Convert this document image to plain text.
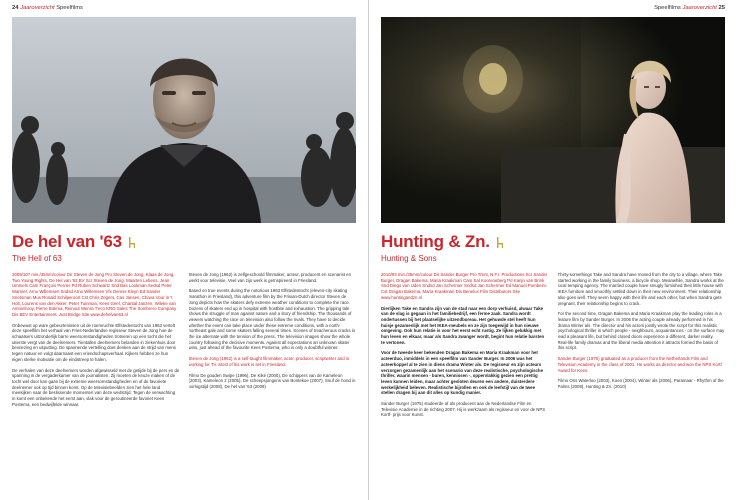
24 Jaaroverzicht Speelfilms
De hel van '63
The Hell of 63

2009/107 min./35mm/colour Dir Steven de Jong Pro Steven de Jong, Klaas de Jong, Two Young Rights, De Hel van '63 BV Scr Steven de Jong, Maarten Lebens, Jean Ummels Cam François Perrier Pd Ruben Schwartz Snd Bas Lookman Sedsd Peter Warnier, Arno Willemsen Sndsd Arno Willemsen Vfx Dennis Kleyn Ed Sander Snetsman Mus Ronald Schilperoort Cst Chris Zegers, Cas Jansen, Chava Voor in 't Holt, Lourens van den Akker, Peter Tuinman, Kees Geel, Chantal Janzen, Wileke van Ammelrooy, Pierre Bokma, Reinout Wenra TVco KRO Sales The Sombrero Company Dis BEV Entertainment, Just Bridge Site www.dehelvan63.nl

Onbewust op ware gebeurtenissen uit de roemruchte Elfstedentocht van 1963 vertelt deze speelfilm het verhaal van Fries-Nederlandse regisseur Steven de Jong hoe de schaatsers uitzonderlijk barre weersomstandigheden trotseren op een tocht die het uiterste vergt van de deelnemers. Tientallen deelnemers belanden in ziekenhuis door bevriezing en uitputting. De spannende vertelling doet denken aan de strijd van mens tegen natuur en volgt daarnaast een vriendschapsverhaal. Kijkers hebben ze hun eigen sterke motivatie om de eindstreep te halen.

De verhalen van deze deelnemers worden afgewisseld met de getijde bij de pers en de spanning in de vergaderkamer van de journalisten. Zij moeten de keuze maken of de tocht wel door kan gaan bij de extreme weersomstandigheden en of de favoriete deelnemer ook op tijd binnen komt. Op de televisiebeelden zien het hele land meekijken naar de beslissende momenten van deze wedstrijd. Tegen de verwachting in komt een onbekende het eerst aan, vlak voor de geroutineerde favoriet Kees Posterna, een bedwijfelde winnaar.

Steven de Jong (1962) is zelfgeschoold filmmaker, acteur, producent en scenarist en werkt voor televisie. Veel van zijn werk is geïnspireerd in Friesland.

Based on true events during the notorious 1963 Elfstedentocht (eleven-city skating marathon in Friesland), this adventure film by the Frisian-Dutch director Steven de Jong depicts how the skaters defy extreme weather conditions to complete the race. Dozens of skaters end up in hospital with frostbite and exhaustion. The gripping tale shows the struggle of man against nature and a story of friendship. The thousands of viewers watching the race on television also follow the rivals. They have to decide whether the event can take place under these extreme conditions, with a north-northeast gale and some skaters falling several times. Scenes of treacherous cracks in the ice alternate with the tension of the press. The television images show the whole country following the decisive moments. Against all expectations an unknown skater wins, just ahead of the favourite Kees Posterna, who is only a doubtful winner.

Steven de Jong (1962) is a self-taught filmmaker, actor, producer, scriptwriter and is working for TV. Most of his work is set in Friesland.

Filmo De gouden Swipe (1996), De Kiké (2000), De schippers van de Kameleon (2003), Kameleon 2 (2005), De scheepsjongens van Bontekoe (2007), Snuf de hond in oorlogstijd (2008), De hel van '63 (2009)

Speelfilms Jaaroverzicht 25
Hunting & Zn.
Hunting & Sons

2010/93 min./35mm/colour Dir Sander Burger Pro Trent, N.F.I. Productions Scr Sander Burger, Dragan Bakema, Maria Kraakman Cam Sal Kooreneberg Pd Karijn van Brink Snd Diego van Uden Sndsd Jan Schermer Sndsd Jan Schermer Ed Manuel Pombeiro Cst Dragan Bakema, Maria Kraakman Dis Benelux Film Distributors Site www.huntingandzn.nl

Dierlijken Take en Sandra zijn van de stad naar een dorp verhuisd, alwaar Take van de slag is gegaan in het familiebedrijf, een ferme zaak. Sandra wordt ondertussen bij het plaatselijke uitzendbureau. Het gehuwde stel heeft hun huisje gezamenlijk met het IKEA-meubels en ze zijn toegewijd in hun nieuwe omgeving. Ook hun relatie is voor het eerst echt rustig. Ze lijken gelukkig met hun leven en elkaar, maar als Sandra zwanger wordt, begint hun relatie barsten te vertonen.

Voor de tweede keer bekenden Dragan Bakema en Maria Kraakman voor het acteerduo, inmiddels in een speelfilm van Sander Burger. In 2006 was het acteerkoppel al te zien in diens drama Winter als. De regisseur en zijn acteurs verzorgen gezamenlijk aan het scenario van deze realistische, psychologische thriller, waarin mensen - buren, kennissen -, oppervlakkig gezien een prettig leven kunnen leiden, maar achter gesloten deuren een andere, duisterdere werkelijkheid beleven. Realistische bijrollen en ook de leefstijl van de twee stellen dragen bij aan dit alles op kundig manier.

Sander Burger (1975) studeerde af als producent aan de Nederlandse Film en Televisie Academie in de richting 2007. Hij is werkzaam als regisseur en voor de NPS Kortf- prijs voor Kunst.

Thirty-somethings Take and Sandra have moved from the city to a village, where Take started working in the family business, a bicycle shop. Meanwhile, Sandra works at the local temping agency. The married couple have smugly furnished their little house with IKEA furniture and smoothly settled down in their new environment. Their relationship also goes well. They seem happy with their life and each other, but when Sandra gets pregnant, their relationship begins to crack.

For the second time, Dragan Bakema and Maria Kraakman play the leading roles in a feature film by Sander Burger. In 2006 the acting couple already performed in his drama Winter als. The director and his actors jointly wrote the script for this realistic psychological thriller in which people - neighbours, acquaintances - on the surface may lead a pleasant life, but behind closed doors experience a different, darker reality. Real-life family dramas and the liberal media attention it attracts formed the basis of this script.

Sander Burger (1975) graduated as a producer from the Netherlands Film and Television Academy in the class of 2001. He works as director and won the NPS Kortf Award for Kees.

Filmo Ons Waterloo (2003), Koen (2004), Winter als (2006), Paramaar - Rhythm of the Palms (2008), Hunting & Zn. (2010)
